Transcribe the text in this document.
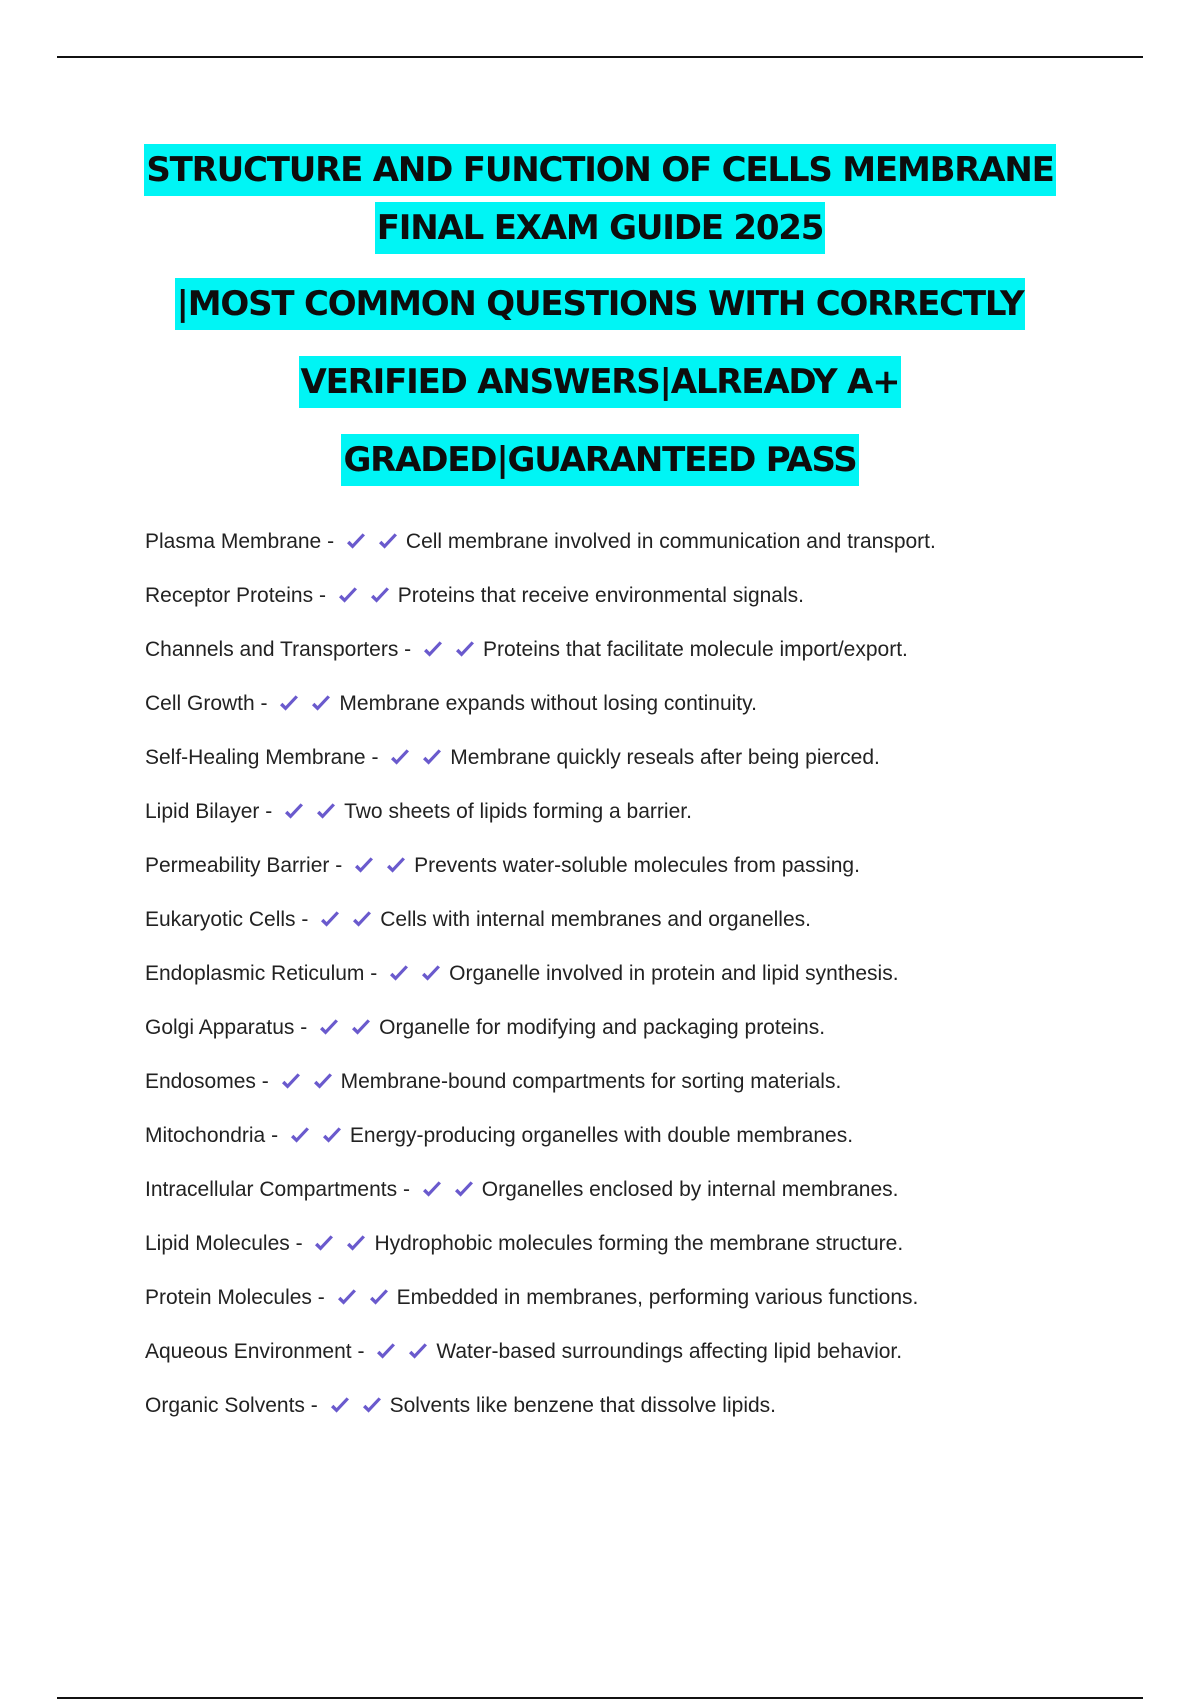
STRUCTURE AND FUNCTION OF CELLS MEMBRANE
FINAL EXAM GUIDE 2025
|MOST COMMON QUESTIONS WITH CORRECTLY
VERIFIED ANSWERS|ALREADY A+
GRADED|GUARANTEED PASS
Plasma Membrane -	Cell membrane involved in communication and transport.
Receptor Proteins -	Proteins that receive environmental signals.
Channels and Transporters -	Proteins that facilitate molecule import/export.
Cell Growth -	Membrane expands without losing continuity.
Self-Healing Membrane -	Membrane quickly reseals after being pierced.
Lipid Bilayer -	Two sheets of lipids forming a barrier.
Permeability Barrier -	Prevents water-soluble molecules from passing.
Eukaryotic Cells -	Cells with internal membranes and organelles.
Endoplasmic Reticulum -	Organelle involved in protein and lipid synthesis.
Golgi Apparatus -	Organelle for modifying and packaging proteins.
Endosomes -	Membrane-bound compartments for sorting materials.
Mitochondria -	Energy-producing organelles with double membranes.
Intracellular Compartments -	Organelles enclosed by internal membranes.
Lipid Molecules -	Hydrophobic molecules forming the membrane structure.
Protein Molecules -	Embedded in membranes, performing various functions.
Aqueous Environment -	Water-based surroundings affecting lipid behavior.
Organic Solvents -	Solvents like benzene that dissolve lipids.
